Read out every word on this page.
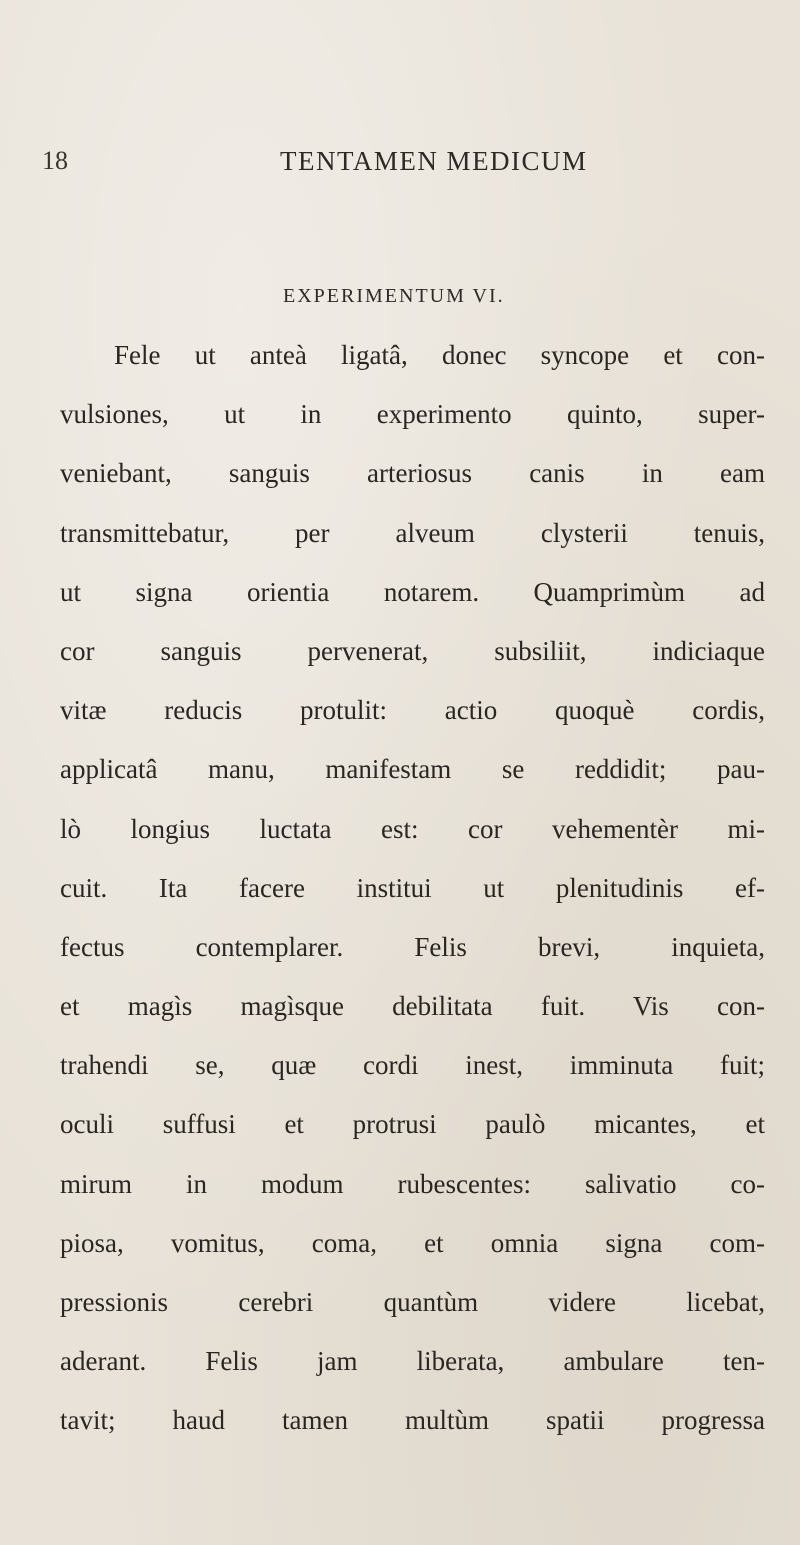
18	TENTAMEN MEDICUM
EXPERIMENTUM VI.
Fele ut anteà ligatâ, donec syncope et con-
vulsiones, ut in experimento quinto, super-
veniebant, sanguis arteriosus canis in eam
transmittebatur, per alveum clysterii tenuis,
ut signa orientia notarem. Quamprimùm ad
cor sanguis pervenerat, subsiliit, indiciaque
vitæ reducis protulit: actio quoquè cordis,
applicatâ manu, manifestam se reddidit; pau-
lò longius luctata est: cor vehementèr mi-
cuit. Ita facere institui ut plenitudinis ef-
fectus contemplarer. Felis brevi, inquieta,
et magìs magìsque debilitata fuit. Vis con-
trahendi se, quæ cordi inest, imminuta fuit;
oculi suffusi et protrusi paulò micantes, et
mirum in modum rubescentes: salivatio co-
piosa, vomitus, coma, et omnia signa com-
pressionis cerebri quantùm videre licebat,
aderant. Felis jam liberata, ambulare ten-
tavit; haud tamen multùm spatii progressa
